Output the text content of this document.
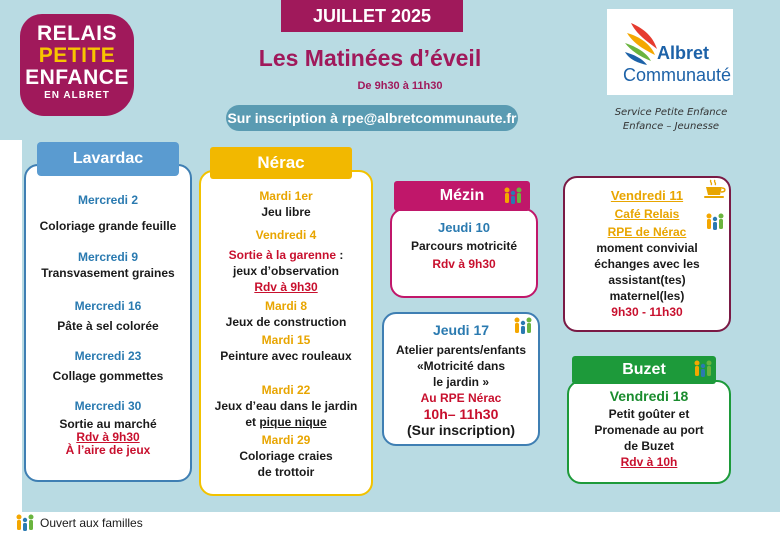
RELAIS
PETITE
ENFANCE
EN ALBRET
JUILLET 2025
Les Matinées d’éveil
De 9h30 à 11h30
Sur inscription à rpe@albretcommunaute.fr
Albret
Communauté
Service Petite Enfance
Enfance – Jeunesse
Mercredi 2
Coloriage grande feuille
Mercredi 9
Transvasement graines
Mercredi 16
Pâte à sel colorée
Mercredi 23
Collage gommettes
Mercredi 30
Sortie au marché
Rdv à 9h30
À l’aire de jeux
Lavardac
Mardi 1er
Jeu libre
Vendredi 4
Sortie à la garenne :
jeux d’observation
Rdv à 9h30
Mardi 8
Jeux de construction
Mardi 15
Peinture avec rouleaux
Mardi 22
Jeux d’eau dans le jardin
et pique nique
Mardi 29
Coloriage craies
de trottoir
Nérac
Jeudi 10
Parcours motricité
Rdv à 9h30
Mézin
Jeudi 17
Atelier parents/enfants
«Motricité dans
le jardin »
Au RPE Nérac
10h– 11h30
(Sur inscription)
Vendredi 11
Café Relais
RPE de Nérac
moment convivial
échanges avec les
assistant(tes)
maternel(les)
9h30 - 11h30
Vendredi 18
Petit goûter et
Promenade au port
de Buzet
Rdv à 10h
Buzet
Ouvert aux familles
